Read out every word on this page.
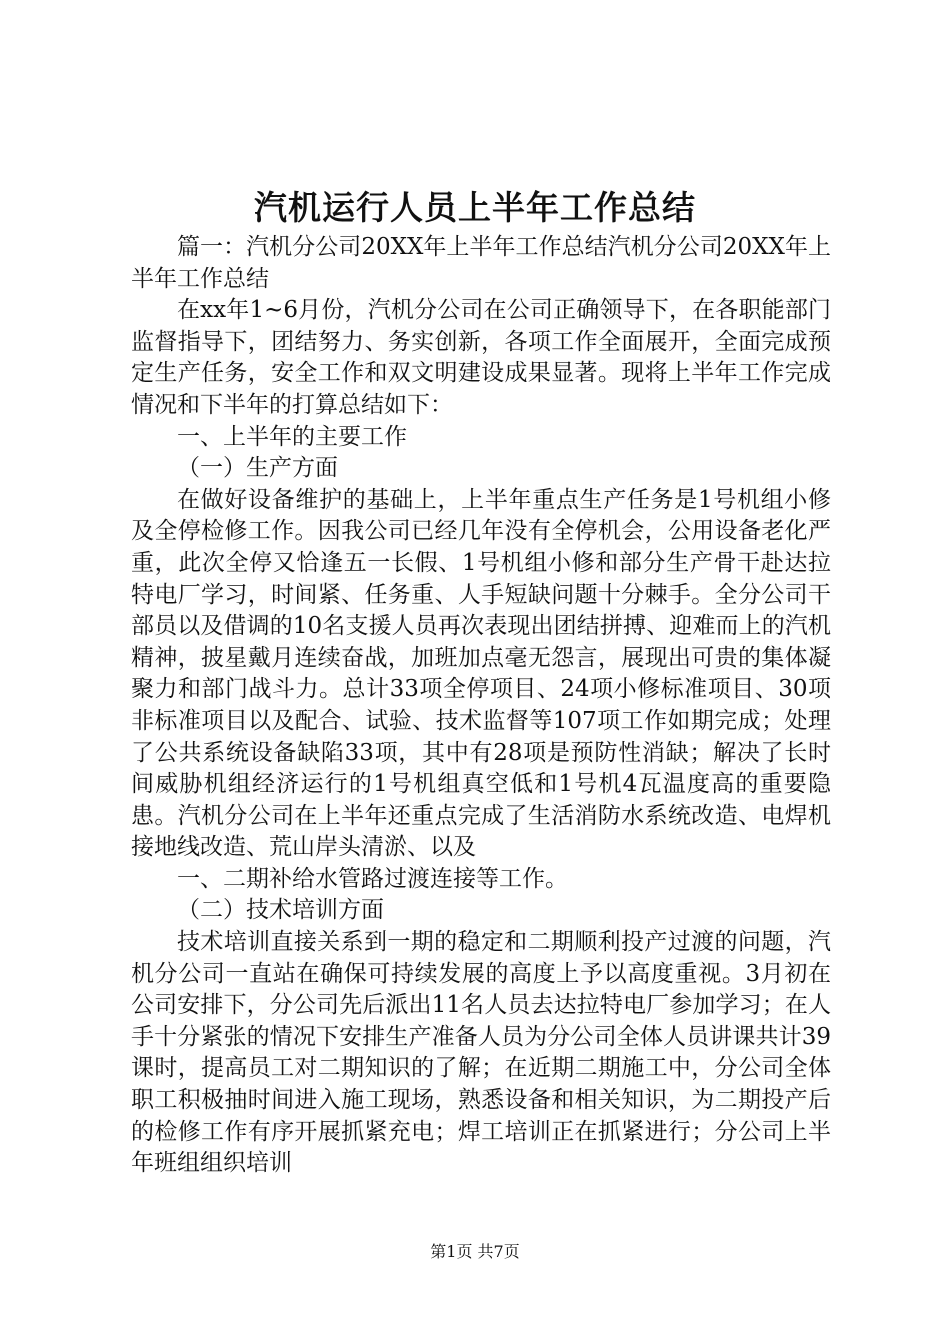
汽机运行人员上半年工作总结

篇一：汽机分公司20XX年上半年工作总结汽机分公司20XX年上半年工作总结

在xx年1~6月份，汽机分公司在公司正确领导下，在各职能部门监督指导下，团结努力、务实创新，各项工作全面展开，全面完成预定生产任务，安全工作和双文明建设成果显著。现将上半年工作完成情况和下半年的打算总结如下：

一、上半年的主要工作

（一）生产方面

在做好设备维护的基础上，上半年重点生产任务是1号机组小修及全停检修工作。因我公司已经几年没有全停机会，公用设备老化严重，此次全停又恰逢五一长假、1号机组小修和部分生产骨干赴达拉特电厂学习，时间紧、任务重、人手短缺问题十分棘手。全分公司干部员以及借调的10名支援人员再次表现出团结拼搏、迎难而上的汽机精神，披星戴月连续奋战，加班加点毫无怨言，展现出可贵的集体凝聚力和部门战斗力。总计33项全停项目、24项小修标准项目、30项非标准项目以及配合、试验、技术监督等107项工作如期完成；处理了公共系统设备缺陷33项，其中有28项是预防性消缺；解决了长时间威胁机组经济运行的1号机组真空低和1号机4瓦温度高的重要隐患。汽机分公司在上半年还重点完成了生活消防水系统改造、电焊机接地线改造、荒山岸头清淤、以及

一、二期补给水管路过渡连接等工作。

（二）技术培训方面

技术培训直接关系到一期的稳定和二期顺利投产过渡的问题，汽机分公司一直站在确保可持续发展的高度上予以高度重视。3月初在公司安排下，分公司先后派出11名人员去达拉特电厂参加学习；在人手十分紧张的情况下安排生产准备人员为分公司全体人员讲课共计39课时，提高员工对二期知识的了解；在近期二期施工中，分公司全体职工积极抽时间进入施工现场，熟悉设备和相关知识，为二期投产后的检修工作有序开展抓紧充电；焊工培训正在抓紧进行；分公司上半年班组组织培训

第1页 共7页
